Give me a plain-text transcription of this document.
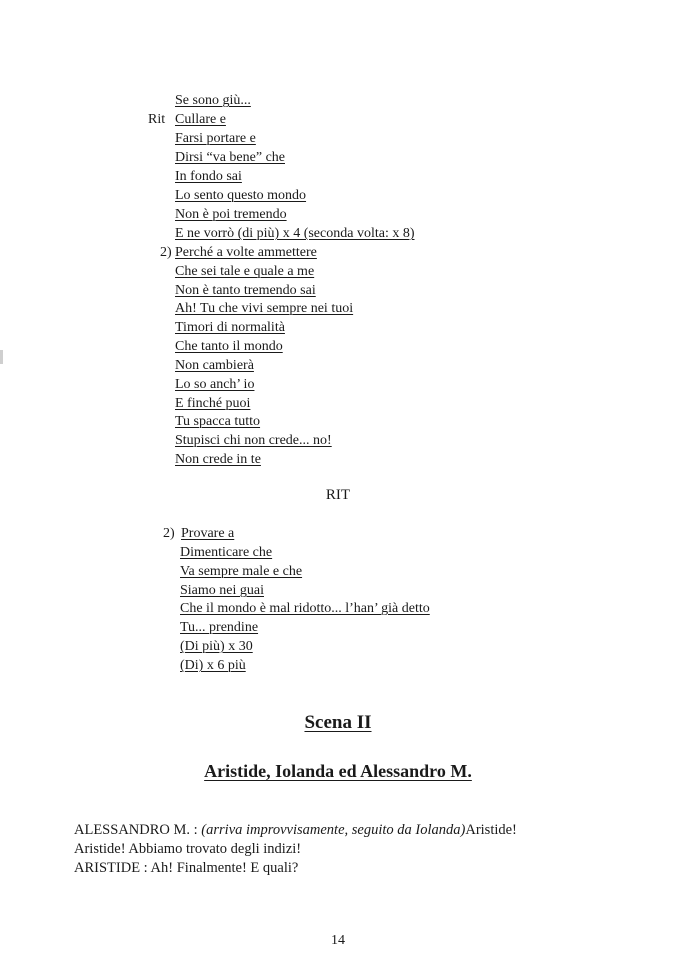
Se sono giù...
Rit Cullare e
Farsi portare e
Dirsi “va bene” che
In fondo sai
Lo sento questo mondo
Non è poi tremendo
E ne vorrò (di più) x 4 (seconda volta: x 8)
2) Perché a volte ammettere
Che sei tale e quale a me
Non è tanto tremendo sai
Ah! Tu che vivi sempre nei tuoi
Timori di normalità
Che tanto il mondo
Non cambierà
Lo so anch’ io
E finché puoi
Tu spacca tutto
Stupisci chi non crede... no!
Non crede in te
RIT
2) Provare a
Dimenticare che
Va sempre male e che
Siamo nei guai
Che il mondo è mal ridotto... l’han’ già detto
Tu... prendine
(Di più) x 30
(Di) x 6 più
Scena II
Aristide, Iolanda ed Alessandro M.
ALESSANDRO M. : (arriva improvvisamente, seguito da Iolanda)Aristide!
Aristide! Abbiamo trovato degli indizi!
ARISTIDE : Ah! Finalmente! E quali?
14
